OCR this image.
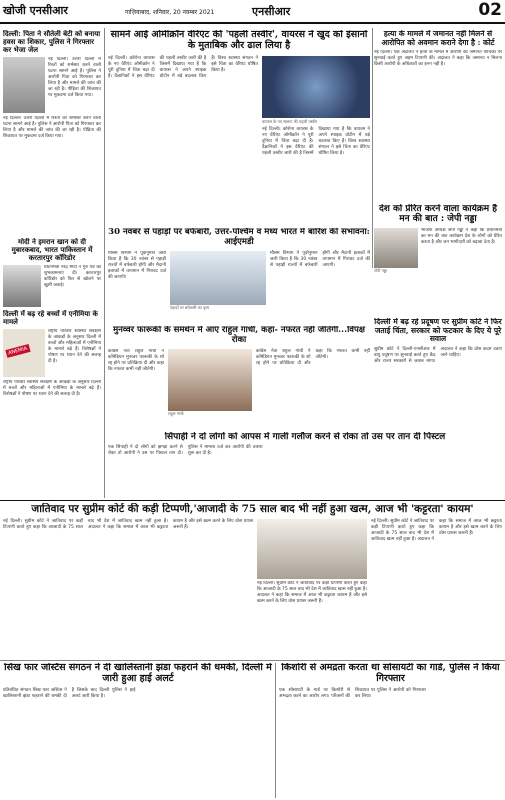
खोजी एनसीआर	गाज़ियाबाद, शनिवार, 20 नवम्बर 2021	एनसीआर	02
दिल्ली: पिता ने सौतेली बेटी को बनाया हवस का शिकार, पुलिस ने गिरफ्तार कर भेजा जेल
नई दिल्ली। उत्तरी दिल्ली में रिश्तों को शर्मसार करने वाली घटना सामने आई है। पुलिस ने आरोपी पिता को गिरफ्तार कर लिया है और मामले की जांच की जा रही है। पीड़िता की शिकायत पर मुकदमा दर्ज किया गया।
नई दिल्ली। उत्तरी दिल्ली में रिश्तों को शर्मसार करने वाली घटना सामने आई है। पुलिस ने आरोपी पिता को गिरफ्तार कर लिया है और मामले की जांच की जा रही है। पीड़िता की शिकायत पर मुकदमा दर्ज किया गया।
मोदी ने इमरान खान को दी मुबारकबाद, भारत पाकिस्तान में करतारपुर कॉरिडोर
प्रधानमंत्री नरेंद्र मोदी ने गुरु पर्व की शुभकामनाएं दीं। करतारपुर कॉरिडोर को फिर से खोलने पर खुशी जताई।
दिल्ली में बढ़ रहे बच्चों में एनीमिया के मामले
ANEMIA
राष्ट्रीय परिवार स्वास्थ्य सर्वेक्षण के आंकड़ों के अनुसार दिल्ली में बच्चों और महिलाओं में एनीमिया के मामले बढ़े हैं। विशेषज्ञों ने पोषण पर ध्यान देने की सलाह दी है।
राष्ट्रीय परिवार स्वास्थ्य सर्वेक्षण के आंकड़ों के अनुसार दिल्ली में बच्चों और महिलाओं में एनीमिया के मामले बढ़े हैं। विशेषज्ञों ने पोषण पर ध्यान देने की सलाह दी है।
सामने आई ओमीक्रॉन वेरिएंट की 'पहली तस्वीर', वायरस ने खुद को इंसानों के मुताबिक और ढाल लिया है
नई दिल्ली। कोरोना वायरस के नए वेरिएंट ओमीक्रॉन ने पूरी दुनिया में चिंता बढ़ा दी है। वैज्ञानिकों ने इस वेरिएंट की पहली तस्वीर जारी की है जिसमें दिखाया गया है कि वायरस ने अपने स्पाइक प्रोटीन में बड़े बदलाव किए हैं। विश्व स्वास्थ्य संगठन ने इसे चिंता का वेरिएंट घोषित किया है।
वायरस के नए स्वरूप की पहली तस्वीर
नई दिल्ली। कोरोना वायरस के नए वेरिएंट ओमीक्रॉन ने पूरी दुनिया में चिंता बढ़ा दी है। वैज्ञानिकों ने इस वेरिएंट की पहली तस्वीर जारी की है जिसमें दिखाया गया है कि वायरस ने अपने स्पाइक प्रोटीन में बड़े बदलाव किए हैं। विश्व स्वास्थ्य संगठन ने इसे चिंता का वेरिएंट घोषित किया है।
हत्या के मामले में जमानत नहीं मिलने से आरोपित को अवमान कराने देगा है : कोर्ट
नई दिल्ली। एक अदालत ने हत्या के मामले में आरोपी की जमानत याचिका पर सुनवाई करते हुए अहम टिप्पणी की। अदालत ने कहा कि जमानत न मिलना किसी आरोपी के अधिकारों का हनन नहीं है।
30 नवंबर से पहाड़ों पर बर्फबारी, उत्तर-पश्चिम व मध्य भारत में बारिश की संभावना: आईएमडी
मौसम विभाग ने पूर्वानुमान जारी किया है कि 30 नवंबर से पहाड़ी राज्यों में बर्फबारी होगी और मैदानी इलाकों में तापमान में गिरावट दर्ज की जाएगी।
पहाड़ों पर बर्फबारी का दृश्य
मौसम विभाग ने पूर्वानुमान जारी किया है कि 30 नवंबर से पहाड़ी राज्यों में बर्फबारी होगी और मैदानी इलाकों में तापमान में गिरावट दर्ज की जाएगी।
देश को प्रेरित करने वाला कार्यक्रम है मन की बात : जेपी नड्डा
जेपी नड्डा
भाजपा अध्यक्ष जेपी नड्डा ने कहा कि प्रधानमंत्री का मन की बात कार्यक्रम देश के लोगों को प्रेरित करता है और जन भागीदारी को बढ़ावा देता है।
मुनव्वर फारूकी के समर्थन में आए राहुल गांधी, कहा- नफरत नहीं जीतेगी...विपक्ष रोका
कांग्रेस नेता राहुल गांधी ने कॉमेडियन मुनव्वर फारूकी के शो रद्द होने पर प्रतिक्रिया दी और कहा कि नफरत कभी नहीं जीतेगी।
राहुल गांधी
कांग्रेस नेता राहुल गांधी ने कॉमेडियन मुनव्वर फारूकी के शो रद्द होने पर प्रतिक्रिया दी और कहा कि नफरत कभी नहीं जीतेगी।
दिल्ली में बढ़ रहे प्रदूषण पर सुप्रीम कोर्ट ने फिर जताई चिंता, सरकार को फटकार के दिए ये पूरे सवाल
सुप्रीम कोर्ट ने दिल्ली-एनसीआर में वायु प्रदूषण पर सुनवाई करते हुए केंद्र और राज्य सरकारों से जवाब मांगा। अदालत ने कहा कि ठोस कदम उठाए जाने चाहिए।
सिपाही ने दो लोगों को आपस में गाली गलौज करने से रोका तो उस पर तान दी पिस्टल
एक सिपाही ने दो लोगों को झगड़ा करने से रोका तो आरोपी ने उस पर पिस्टल तान दी। पुलिस ने मामला दर्ज कर आरोपी की तलाश शुरू कर दी है।
जातिवाद पर सुप्रीम कोर्ट की कड़ी टिप्पणी,'आजादी के 75 साल बाद भी नहीं हुआ खत्म, आज भी 'कट्टरता' कायम'
नई दिल्ली। सुप्रीम कोर्ट ने जातिवाद पर कड़ी टिप्पणी करते हुए कहा कि आजादी के 75 साल बाद भी देश में जातिवाद खत्म नहीं हुआ है। अदालत ने कहा कि समाज में आज भी कट्टरता कायम है और इसे खत्म करने के लिए ठोस प्रयास जरूरी हैं।
नई दिल्ली। सुप्रीम कोर्ट ने जातिवाद पर कड़ी टिप्पणी करते हुए कहा कि आजादी के 75 साल बाद भी देश में जातिवाद खत्म नहीं हुआ है। अदालत ने कहा कि समाज में आज भी कट्टरता कायम है और इसे खत्म करने के लिए ठोस प्रयास जरूरी हैं।
नई दिल्ली। सुप्रीम कोर्ट ने जातिवाद पर कड़ी टिप्पणी करते हुए कहा कि आजादी के 75 साल बाद भी देश में जातिवाद खत्म नहीं हुआ है। अदालत ने कहा कि समाज में आज भी कट्टरता कायम है और इसे खत्म करने के लिए ठोस प्रयास जरूरी हैं।
सिख फार जस्टिस संगठन ने दी खालिस्तानी झंडा फहराने की धमकी, दिल्ली में जारी हुआ हाई अलर्ट
प्रतिबंधित संगठन सिख फार जस्टिस ने खालिस्तानी झंडा फहराने की धमकी दी है जिसके बाद दिल्ली पुलिस ने हाई अलर्ट जारी किया है।
किशोरी से अमद्रता करता था सोसायटी का गार्ड, पुलिस ने किया गिरफ्तार
एक सोसायटी के गार्ड पर किशोरी से अभद्रता करने का आरोप लगा। परिजनों की शिकायत पर पुलिस ने आरोपी को गिरफ्तार कर लिया।
